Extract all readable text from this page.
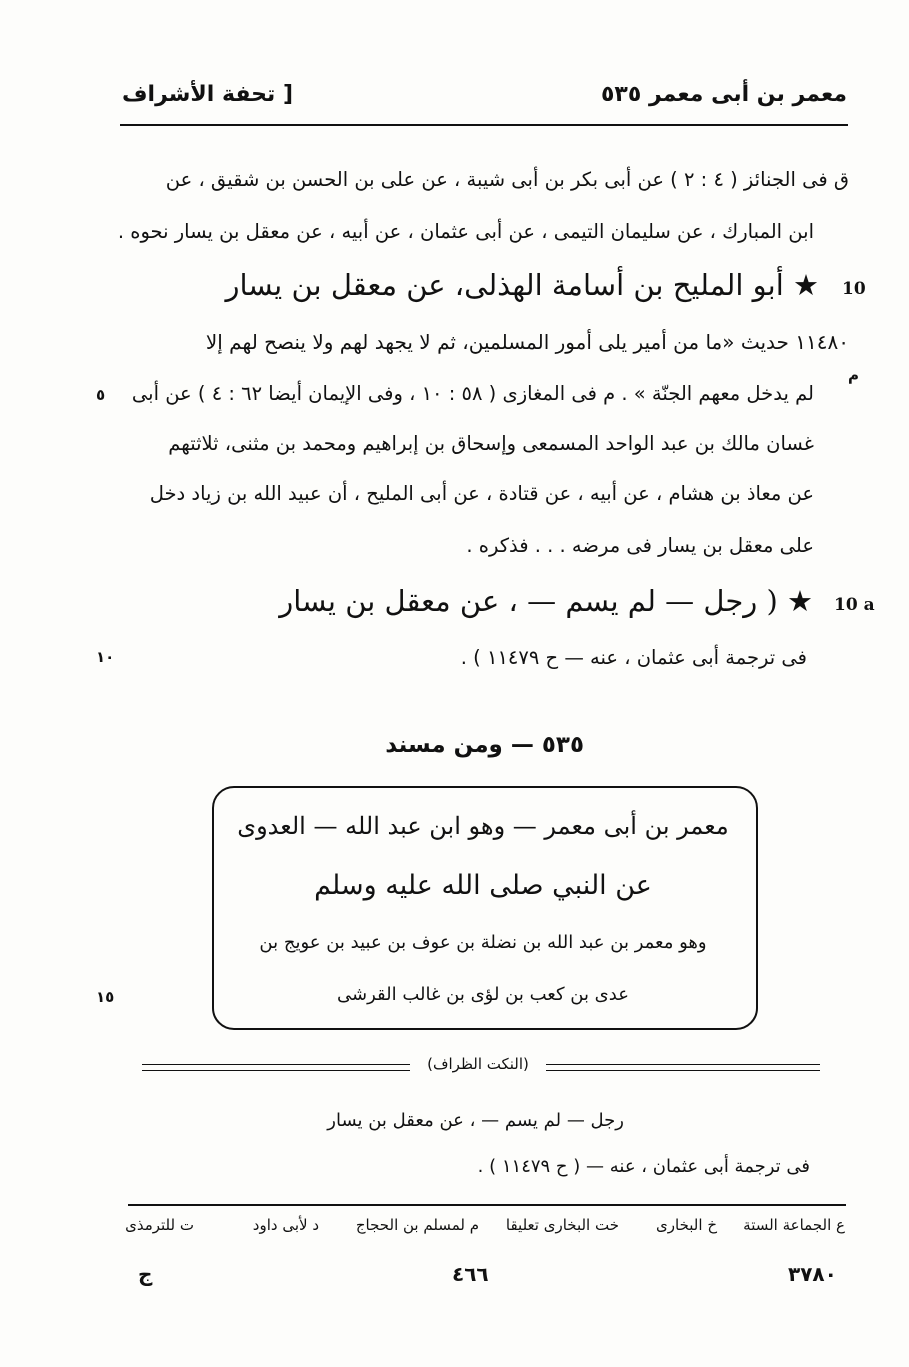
معمر بن أبى معمر ٥٣٥
[ تحفة الأشراف
ق فى الجنائز ( ٤ : ٢ ) عن أبى بكر بن أبى شيبة ، عن على بن الحسن بن شقيق ، عن
ابن المبارك ، عن سليمان التيمى ، عن أبى عثمان ، عن أبيه ، عن معقل بن يسار نحوه .
10
★ أبو المليح بن أسامة الهذلى، عن معقل بن يسار
١١٤٨٠ حديث «ما من أمير يلى أمور المسلمين، ثم لا يجهد لهم ولا ينصح لهم إلا
م
لم يدخل معهم الجنّة » . م فى المغازى ( ٥٨ : ١٠ ، وفى الإيمان أيضا ٦٢ : ٤ ) عن أبى
٥
غسان مالك بن عبد الواحد المسمعى وإسحاق بن إبراهيم ومحمد بن مثنى، ثلاثتهم
عن معاذ بن هشام ، عن أبيه ، عن قتادة ، عن أبى المليح ، أن عبيد الله بن زياد دخل
على معقل بن يسار فى مرضه . . . فذكره .
10 a
★ ( رجل — لم يسم — ، عن معقل بن يسار
فى ترجمة أبى عثمان ، عنه — ح ١١٤٧٩ ) .
١٠
٥٣٥ — ومن مسند
معمر بن أبى معمر — وهو ابن عبد الله — العدوى
عن النبي صلى الله عليه وسلم
وهو معمر بن عبد الله بن نضلة بن عوف بن عبيد بن عويج بن
عدى بن كعب بن لؤى بن غالب القرشى
١٥
(النكت الظراف)
رجل — لم يسم — ، عن معقل بن يسار
فى ترجمة أبى عثمان ، عنه — ( ح ١١٤٧٩ ) .
ع الجماعة الستة
خ البخارى
خت البخارى تعليقا
م لمسلم بن الحجاج
د لأبى داود
ت للترمذى
٣٧٨٠
٤٦٦
ج
